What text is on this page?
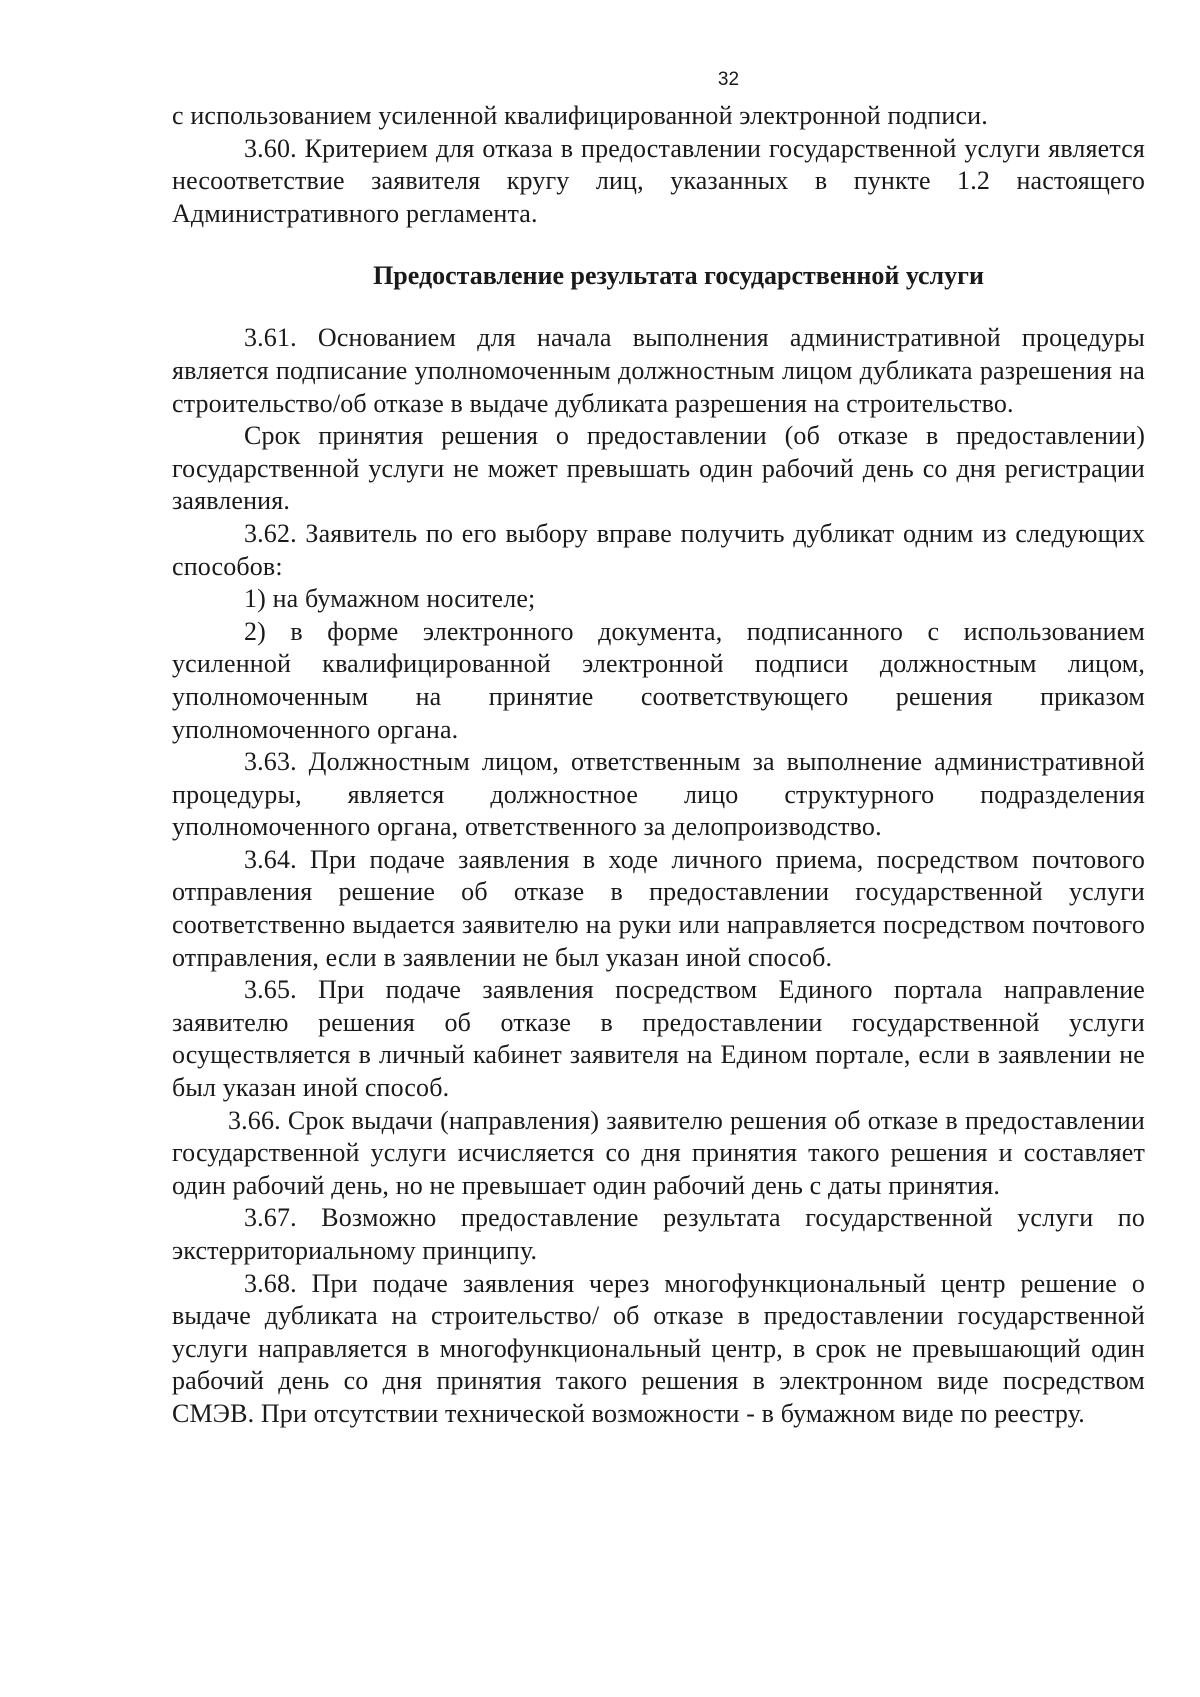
32

с использованием усиленной квалифицированной электронной подписи.

3.60. Критерием для отказа в предоставлении государственной услуги является несоответствие заявителя кругу лиц, указанных в пункте 1.2 настоящего Административного регламента.

Предоставление результата государственной услуги

3.61. Основанием для начала выполнения административной процедуры является подписание уполномоченным должностным лицом дубликата разрешения на строительство/об отказе в выдаче дубликата разрешения на строительство.

Срок принятия решения о предоставлении (об отказе в предоставлении) государственной услуги не может превышать один рабочий день со дня регистрации заявления.

3.62. Заявитель по его выбору вправе получить дубликат одним из следующих способов:

1) на бумажном носителе;

2) в форме электронного документа, подписанного с использованием усиленной квалифицированной электронной подписи должностным лицом, уполномоченным на принятие соответствующего решения приказом уполномоченного органа.

3.63. Должностным лицом, ответственным за выполнение административной процедуры, является должностное лицо структурного подразделения уполномоченного органа, ответственного за делопроизводство.

3.64. При подаче заявления в ходе личного приема, посредством почтового отправления решение об отказе в предоставлении государственной услуги соответственно выдается заявителю на руки или направляется посредством почтового отправления, если в заявлении не был указан иной способ.

3.65. При подаче заявления посредством Единого портала направление заявителю решения об отказе в предоставлении государственной услуги осуществляется в личный кабинет заявителя на Едином портале, если в заявлении не был указан иной способ.

3.66. Срок выдачи (направления) заявителю решения об отказе в предоставлении государственной услуги исчисляется со дня принятия такого решения и составляет один рабочий день, но не превышает один рабочий день с даты принятия.

3.67. Возможно предоставление результата государственной услуги по экстерриториальному принципу.

3.68. При подаче заявления через многофункциональный центр решение о выдаче дубликата на строительство/ об отказе в предоставлении государственной услуги направляется в многофункциональный центр, в срок не превышающий один рабочий день со дня принятия такого решения в электронном виде посредством СМЭВ. При отсутствии технической возможности - в бумажном виде по реестру.
